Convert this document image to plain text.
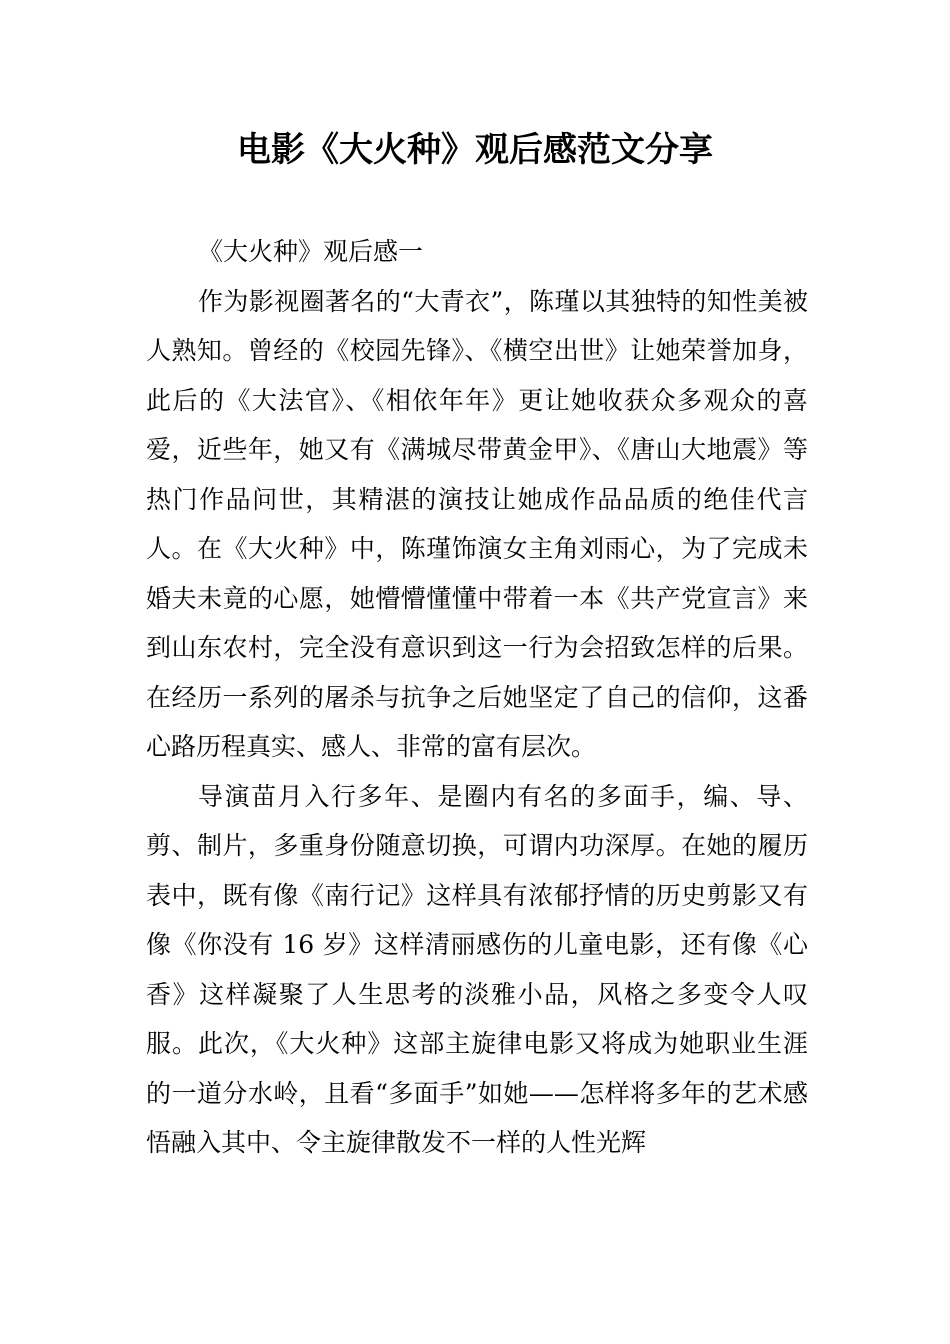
电影《大火种》观后感范文分享

《大火种》观后感一

作为影视圈著名的“大青衣”，陈瑾以其独特的知性美被人熟知。曾经的《校园先锋》、《横空出世》让她荣誉加身，此后的《大法官》、《相依年年》更让她收获众多观众的喜爱，近些年，她又有《满城尽带黄金甲》、《唐山大地震》等热门作品问世，其精湛的演技让她成作品品质的绝佳代言人。在《大火种》中，陈瑾饰演女主角刘雨心，为了完成未婚夫未竟的心愿，她懵懵懂懂中带着一本《共产党宣言》来到山东农村，完全没有意识到这一行为会招致怎样的后果。在经历一系列的屠杀与抗争之后她坚定了自己的信仰，这番心路历程真实、感人、非常的富有层次。

导演苗月入行多年、是圈内有名的多面手，编、导、剪、制片，多重身份随意切换，可谓内功深厚。在她的履历表中，既有像《南行记》这样具有浓郁抒情的历史剪影又有像《你没有 16 岁》这样清丽感伤的儿童电影，还有像《心香》这样凝聚了人生思考的淡雅小品，风格之多变令人叹服。此次，《大火种》这部主旋律电影又将成为她职业生涯的一道分水岭，且看“多面手”如她——怎样将多年的艺术感悟融入其中、令主旋律散发不一样的人性光辉
